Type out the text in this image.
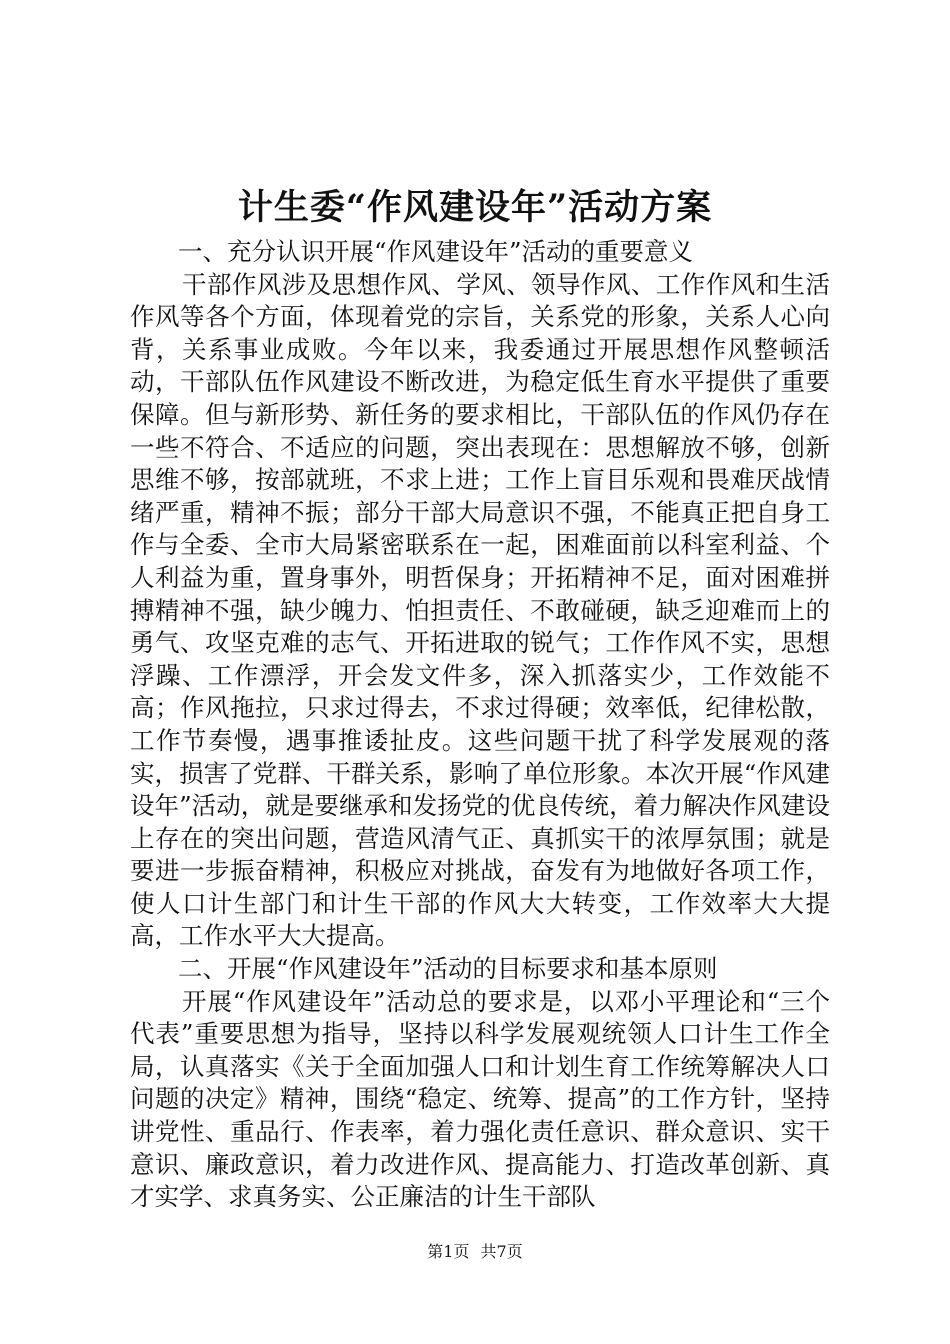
计生委“作风建设年”活动方案

一、充分认识开展“作风建设年”活动的重要意义

干部作风涉及思想作风、学风、领导作风、工作作风和生活作风等各个方面，体现着党的宗旨，关系党的形象，关系人心向背，关系事业成败。今年以来，我委通过开展思想作风整顿活动，干部队伍作风建设不断改进，为稳定低生育水平提供了重要保障。但与新形势、新任务的要求相比，干部队伍的作风仍存在一些不符合、不适应的问题，突出表现在：思想解放不够，创新思维不够，按部就班，不求上进；工作上盲目乐观和畏难厌战情绪严重，精神不振；部分干部大局意识不强，不能真正把自身工作与全委、全市大局紧密联系在一起，困难面前以科室利益、个人利益为重，置身事外，明哲保身；开拓精神不足，面对困难拼搏精神不强，缺少魄力、怕担责任、不敢碰硬，缺乏迎难而上的勇气、攻坚克难的志气、开拓进取的锐气；工作作风不实，思想浮躁、工作漂浮，开会发文件多，深入抓落实少，工作效能不高；作风拖拉，只求过得去，不求过得硬；效率低，纪律松散，工作节奏慢，遇事推诿扯皮。这些问题干扰了科学发展观的落实，损害了党群、干群关系，影响了单位形象。本次开展“作风建设年”活动，就是要继承和发扬党的优良传统，着力解决作风建设上存在的突出问题，营造风清气正、真抓实干的浓厚氛围；就是要进一步振奋精神，积极应对挑战，奋发有为地做好各项工作，使人口计生部门和计生干部的作风大大转变，工作效率大大提高，工作水平大大提高。

二、开展“作风建设年”活动的目标要求和基本原则

开展“作风建设年”活动总的要求是，以邓小平理论和“三个代表”重要思想为指导，坚持以科学发展观统领人口计生工作全局，认真落实《关于全面加强人口和计划生育工作统筹解决人口问题的决定》精神，围绕“稳定、统筹、提高”的工作方针，坚持讲党性、重品行、作表率，着力强化责任意识、群众意识、实干意识、廉政意识，着力改进作风、提高能力、打造改革创新、真才实学、求真务实、公正廉洁的计生干部队

第1页 共7页
